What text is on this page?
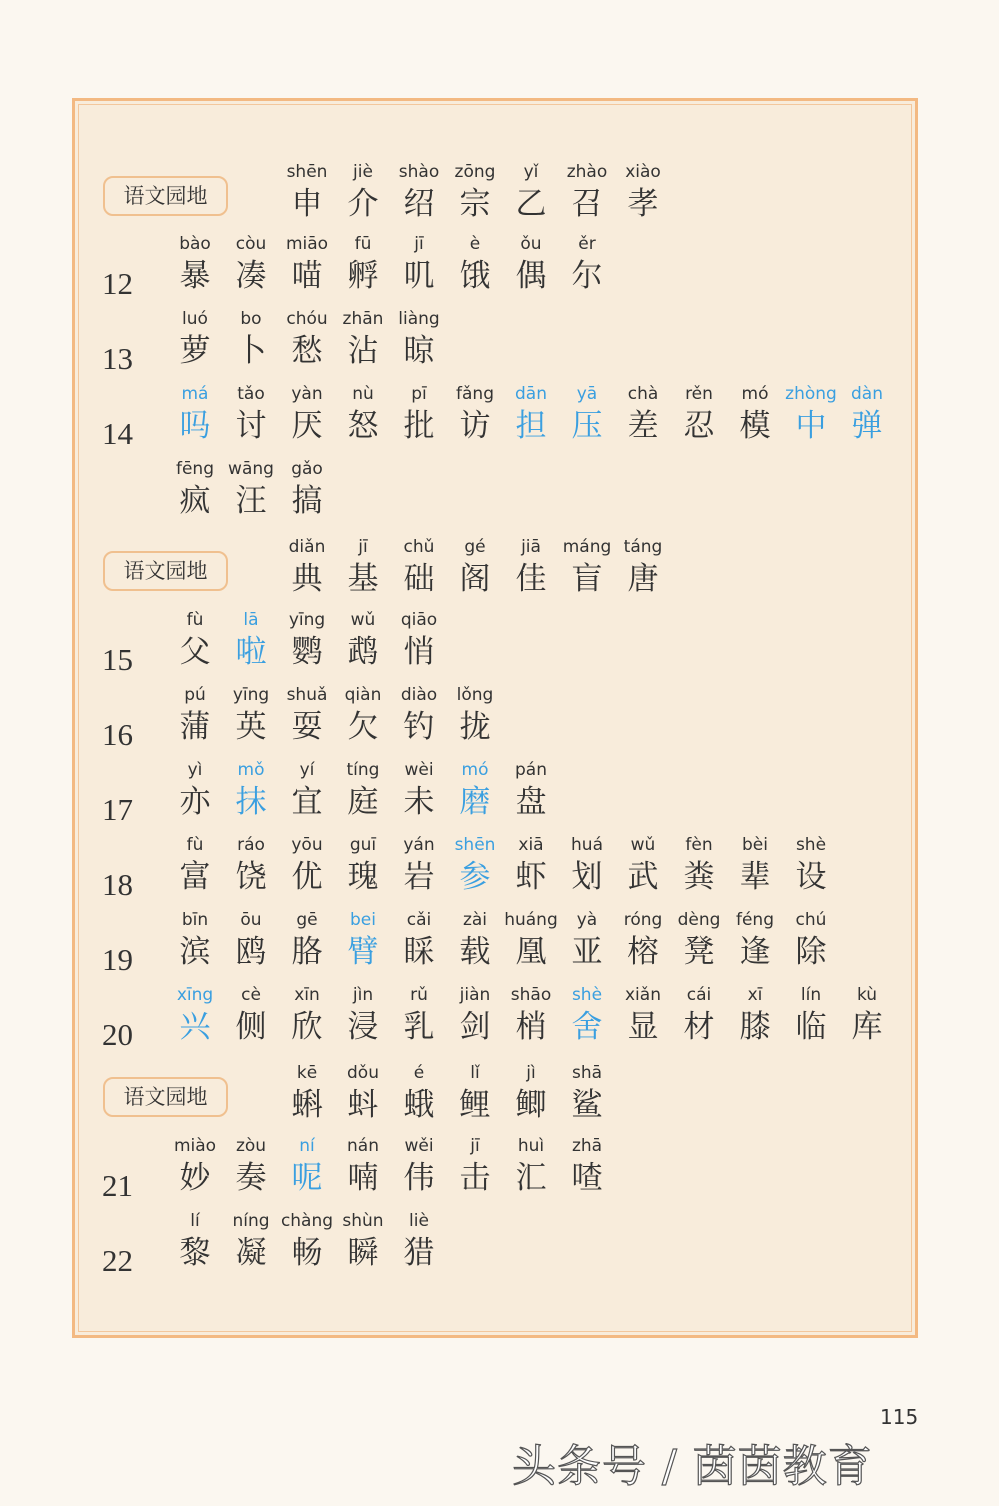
语文园地
shēn
申
jiè
介
shào
绍
zōng
宗
yǐ
乙
zhào
召
xiào
孝
12
bào
暴
còu
凑
miāo
喵
fū
孵
jī
叽
è
饿
ǒu
偶
ěr
尔
13
luó
萝
bo
卜
chóu
愁
zhān
沾
liàng
晾
14
má
吗
tǎo
讨
yàn
厌
nù
怒
pī
批
fǎng
访
dān
担
yā
压
chà
差
rěn
忍
mó
模
zhòng
中
dàn
弹
fēng
疯
wāng
汪
gǎo
搞
语文园地
diǎn
典
jī
基
chǔ
础
gé
阁
jiā
佳
máng
盲
táng
唐
15
fù
父
lā
啦
yīng
鹦
wǔ
鹉
qiāo
悄
16
pú
蒲
yīng
英
shuǎ
耍
qiàn
欠
diào
钓
lǒng
拢
17
yì
亦
mǒ
抹
yí
宜
tíng
庭
wèi
未
mó
磨
pán
盘
18
fù
富
ráo
饶
yōu
优
guī
瑰
yán
岩
shēn
参
xiā
虾
huá
划
wǔ
武
fèn
粪
bèi
辈
shè
设
19
bīn
滨
ōu
鸥
gē
胳
bei
臂
cǎi
睬
zài
载
huáng
凰
yà
亚
róng
榕
dèng
凳
féng
逢
chú
除
20
xīng
兴
cè
侧
xīn
欣
jìn
浸
rǔ
乳
jiàn
剑
shāo
梢
shè
舍
xiǎn
显
cái
材
xī
膝
lín
临
kù
库
语文园地
kē
蝌
dǒu
蚪
é
蛾
lǐ
鲤
jì
鲫
shā
鲨
21
miào
妙
zòu
奏
ní
呢
nán
喃
wěi
伟
jī
击
huì
汇
zhā
喳
22
lí
黎
níng
凝
chàng
畅
shùn
瞬
liè
猎
115
头条号 / 茵茵教育
